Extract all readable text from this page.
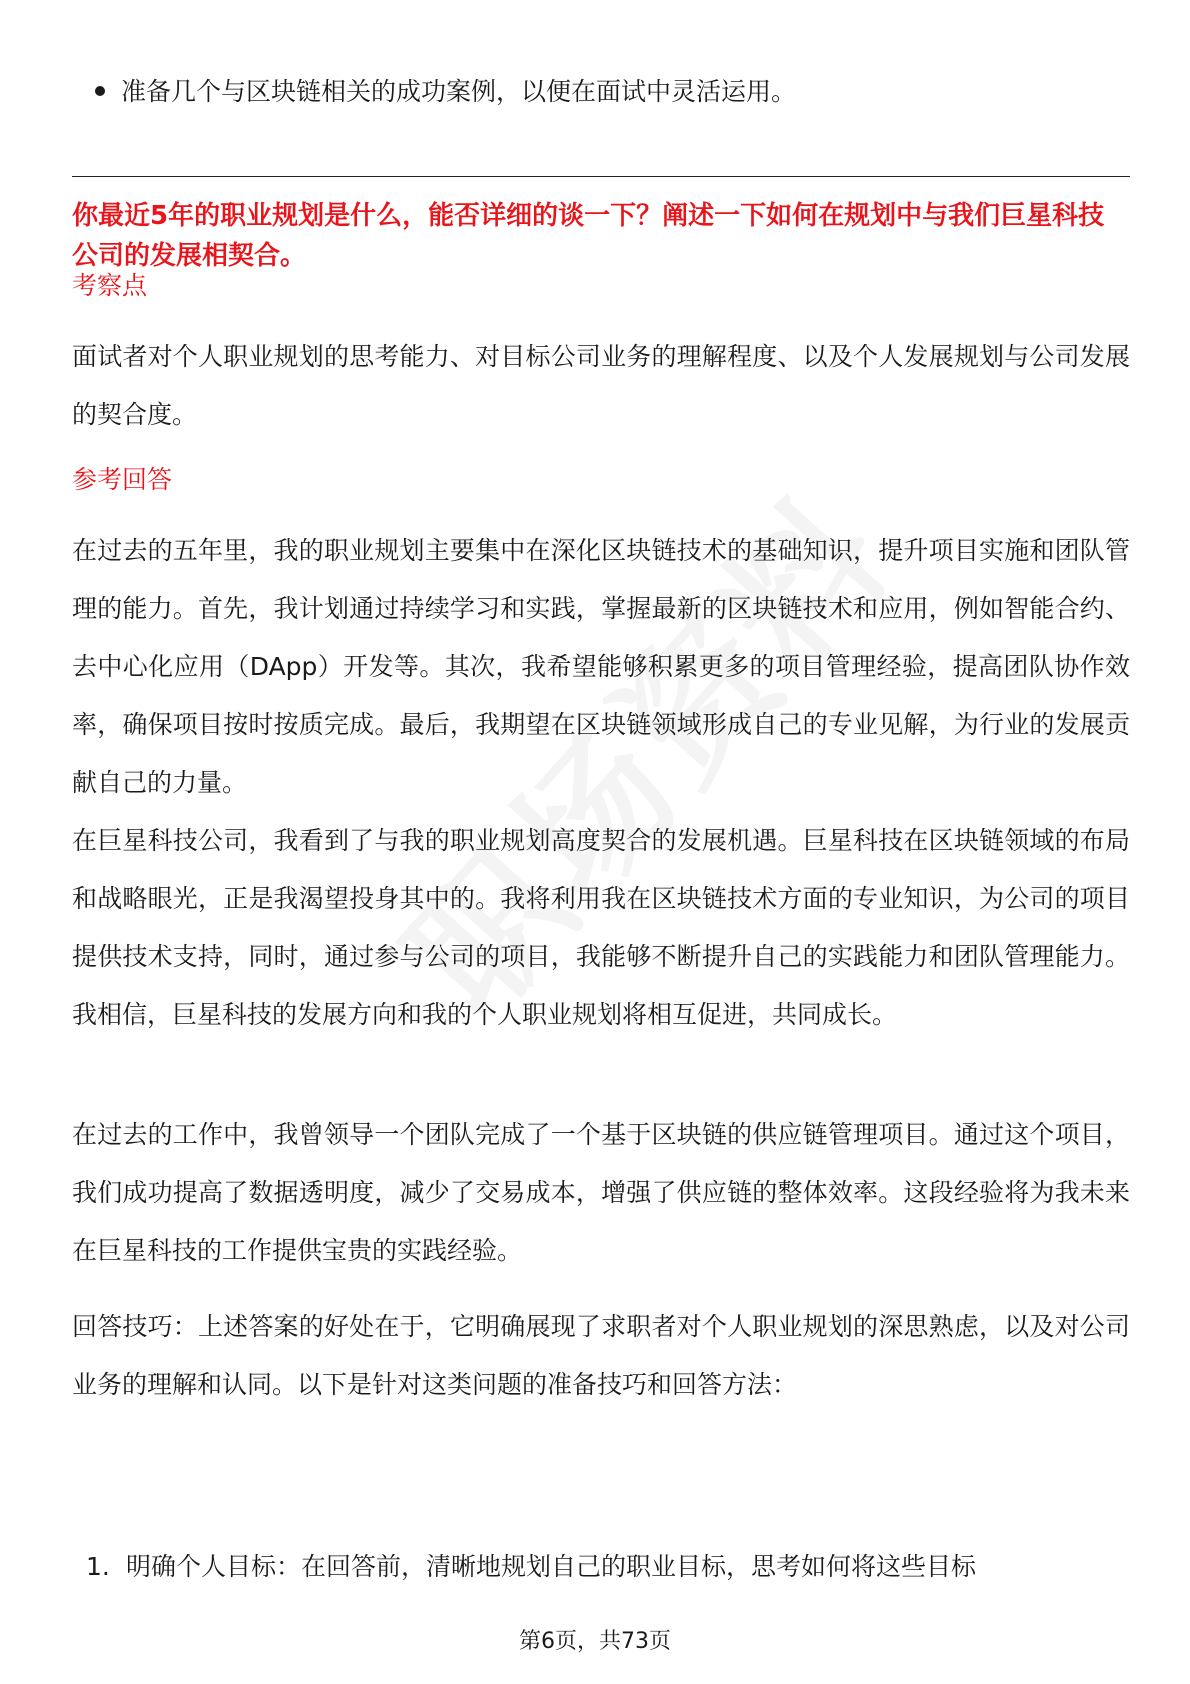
准备几个与区块链相关的成功案例，以便在面试中灵活运用。
你最近5年的职业规划是什么，能否详细的谈一下？阐述一下如何在规划中与我们巨星科技公司的发展相契合。
考察点
面试者对个人职业规划的思考能力、对目标公司业务的理解程度、以及个人发展规划与公司发展的契合度。
参考回答
在过去的五年里，我的职业规划主要集中在深化区块链技术的基础知识，提升项目实施和团队管理的能力。首先，我计划通过持续学习和实践，掌握最新的区块链技术和应用，例如智能合约、去中心化应用（DApp）开发等。其次，我希望能够积累更多的项目管理经验，提高团队协作效率，确保项目按时按质完成。最后，我期望在区块链领域形成自己的专业见解，为行业的发展贡献自己的力量。
在巨星科技公司，我看到了与我的职业规划高度契合的发展机遇。巨星科技在区块链领域的布局和战略眼光，正是我渴望投身其中的。我将利用我在区块链技术方面的专业知识，为公司的项目提供技术支持，同时，通过参与公司的项目，我能够不断提升自己的实践能力和团队管理能力。我相信，巨星科技的发展方向和我的个人职业规划将相互促进，共同成长。
在过去的工作中，我曾领导一个团队完成了一个基于区块链的供应链管理项目。通过这个项目，我们成功提高了数据透明度，减少了交易成本，增强了供应链的整体效率。这段经验将为我未来在巨星科技的工作提供宝贵的实践经验。
回答技巧：上述答案的好处在于，它明确展现了求职者对个人职业规划的深思熟虑，以及对公司业务的理解和认同。以下是针对这类问题的准备技巧和回答方法：
1. 明确个人目标：在回答前，清晰地规划自己的职业目标，思考如何将这些目标
第6页，共73页
